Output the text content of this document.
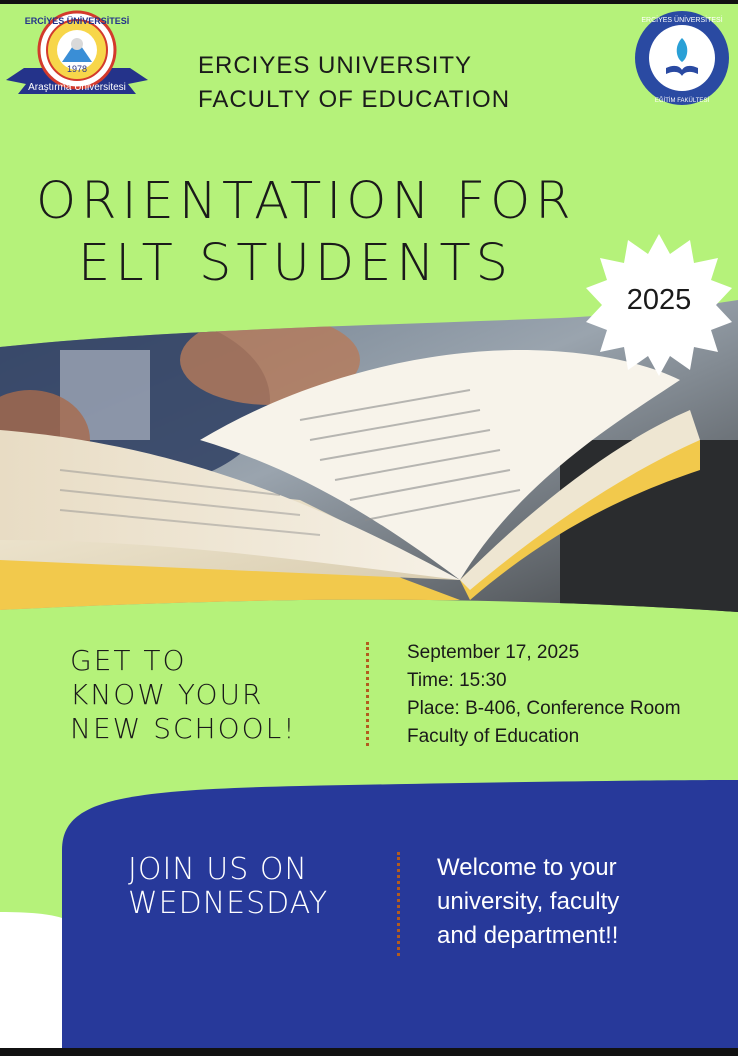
ERCİYES ÜNİVERSİTESİ
1978
Araştırma Üniversitesi
ERCİYES ÜNİVERSİTESİ
EĞİTİM FAKÜLTESİ
ERCIYES UNIVERSITY
FACULTY OF EDUCATION
ORIENTATION FOR
ELT STUDENTS
2025
GET TO
KNOW YOUR
NEW SCHOOL!
September 17, 2025
Time: 15:30
Place: B-406, Conference Room
Faculty of Education
JOIN US ON
WEDNESDAY
Welcome to your
university, faculty
and department!!
